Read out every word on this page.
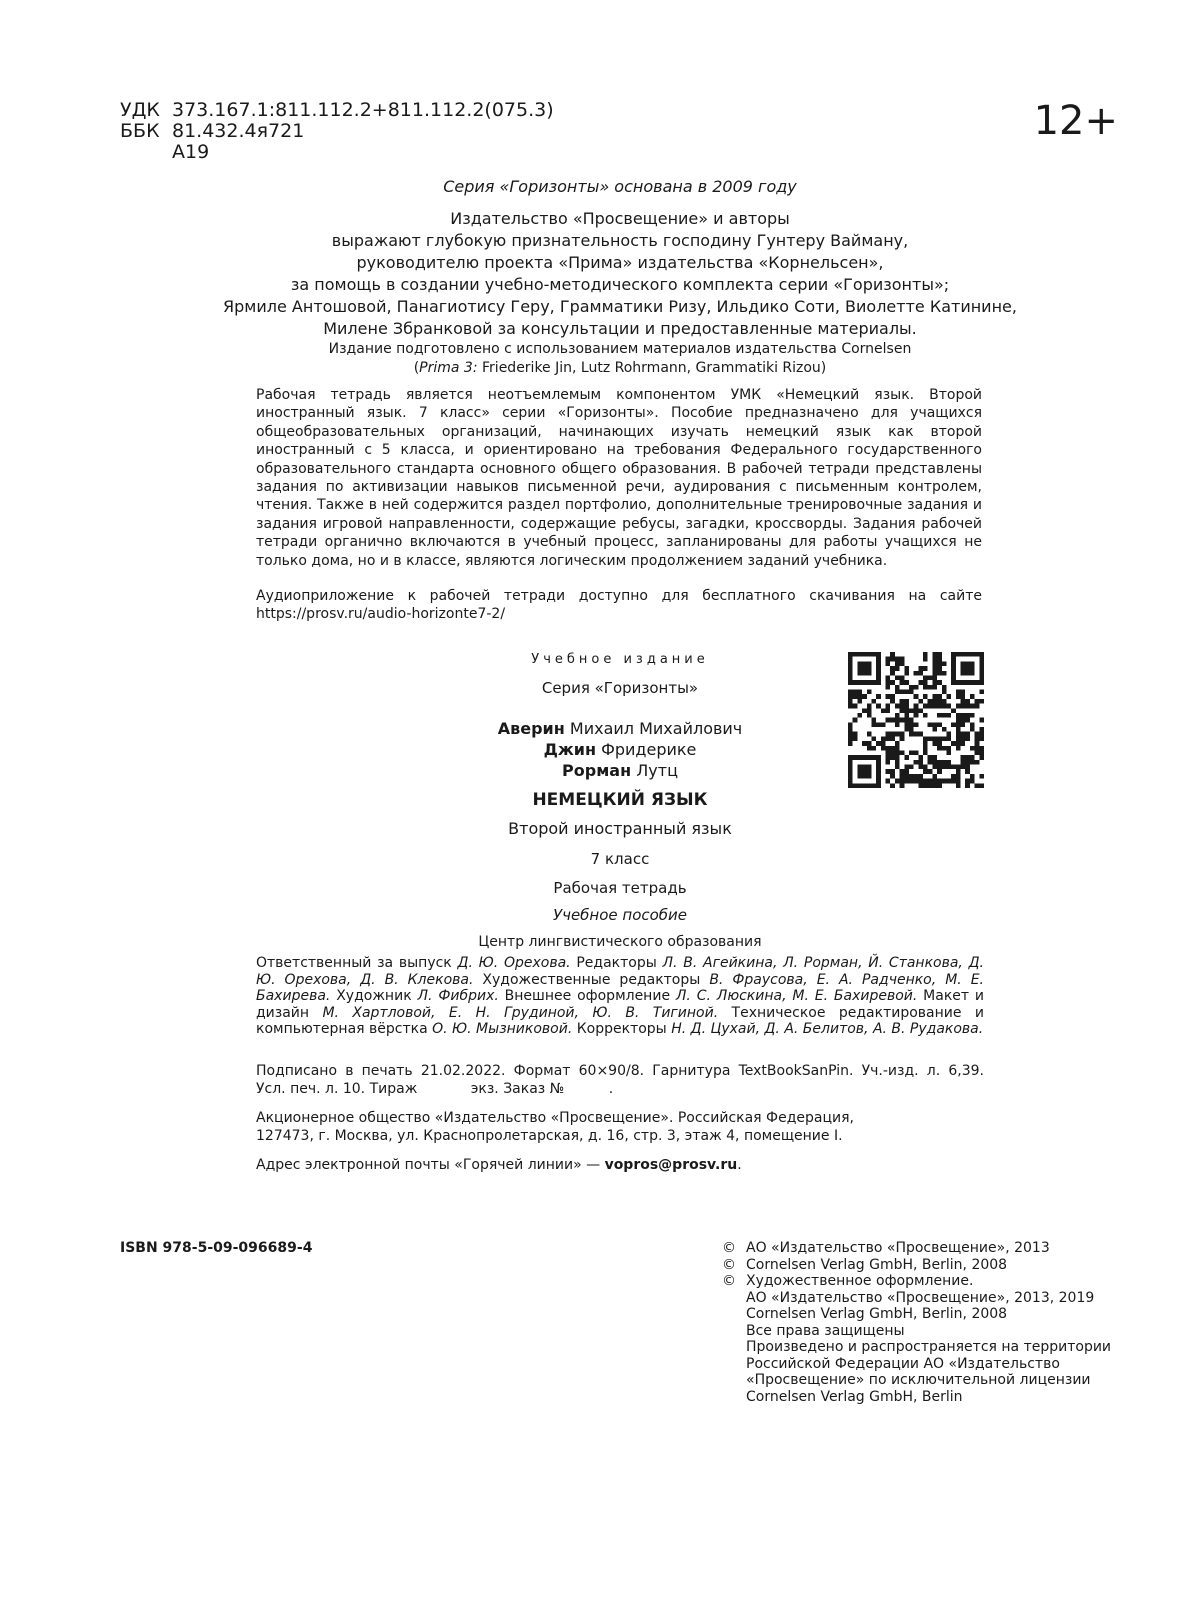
УДК 373.167.1:811.112.2+811.112.2(075.3)
ББК 81.432.4я721
А19
12+
Серия «Горизонты» основана в 2009 году
Издательство «Просвещение» и авторы
выражают глубокую признательность господину Гунтеру Вайману,
руководителю проекта «Прима» издательства «Корнельсен»,
за помощь в создании учебно-методического комплекта серии «Горизонты»;
Ярмиле Антошовой, Панагиотису Геру, Грамматики Ризу, Ильдико Соти, Виолетте Катинине,
Милене Збранковой за консультации и предоставленные материалы.
Издание подготовлено с использованием материалов издательства Cornelsen
(Prima 3: Friederike Jin, Lutz Rohrmann, Grammatiki Rizou)
Рабочая тетрадь является неотъемлемым компонентом УМК «Немецкий язык. Второй иностранный язык. 7 класс» серии «Горизонты». Пособие предназначено для учащихся общеобразовательных организаций, начинающих изучать немецкий язык как второй иностранный с 5 класса, и ориентировано на требования Федерального государственного образовательного стандарта основного общего образования. В рабочей тетради представлены задания по активизации навыков письменной речи, аудирования с письменным контролем, чтения. Также в ней содержится раздел портфолио, дополнительные тренировочные задания и задания игровой направленности, содержащие ребусы, загадки, кроссворды. Задания рабочей тетради органично включаются в учебный процесс, запланированы для работы учащихся не только дома, но и в классе, являются логическим продолжением заданий учебника.
Аудиоприложение к рабочей тетради доступно для бесплатного скачивания на сайте
https://prosv.ru/audio-horizonte7-2/
Учебное издание
Серия «Горизонты»
Аверин Михаил Михайлович
Джин Фридерике
Рорман Лутц
НЕМЕЦКИЙ ЯЗЫК
Второй иностранный язык
7 класс
Рабочая тетрадь
Учебное пособие
Центр лингвистического образования
Ответственный за выпуск Д. Ю. Орехова. Редакторы Л. В. Агейкина, Л. Рорман, Й. Станкова, Д. Ю. Орехова, Д. В. Клекова. Художественные редакторы В. Фраусова, Е. А. Радченко, М. Е. Бахирева. Художник Л. Фибрих. Внешнее оформление Л. С. Люскина, М. Е. Бахиревой. Макет и дизайн М. Хартловой, Е. Н. Грудиной, Ю. В. Тигиной. Техническое редактирование и компьютерная вёрстка О. Ю. Мызниковой. Корректоры Н. Д. Цухай, Д. А. Белитов, А. В. Рудакова.
Подписано в печать 21.02.2022. Формат 60×90/8. Гарнитура TextBookSanPin. Уч.-изд. л. 6,39.
Усл. печ. л. 10. Тираж            экз. Заказ №          .
Акционерное общество «Издательство «Просвещение». Российская Федерация,
127473, г. Москва, ул. Краснопролетарская, д. 16, стр. 3, этаж 4, помещение I.
Адрес электронной почты «Горячей линии» — vopros@prosv.ru.
ISBN 978-5-09-096689-4	© АО «Издательство «Просвещение», 2013
© Cornelsen Verlag GmbH, Berlin, 2008
© Художественное оформление.
АО «Издательство «Просвещение», 2013, 2019
Cornelsen Verlag GmbH, Berlin, 2008
Все права защищены
Произведено и распространяется на территории
Российской Федерации АО «Издательство
«Просвещение» по исключительной лицензии
Cornelsen Verlag GmbH, Berlin
